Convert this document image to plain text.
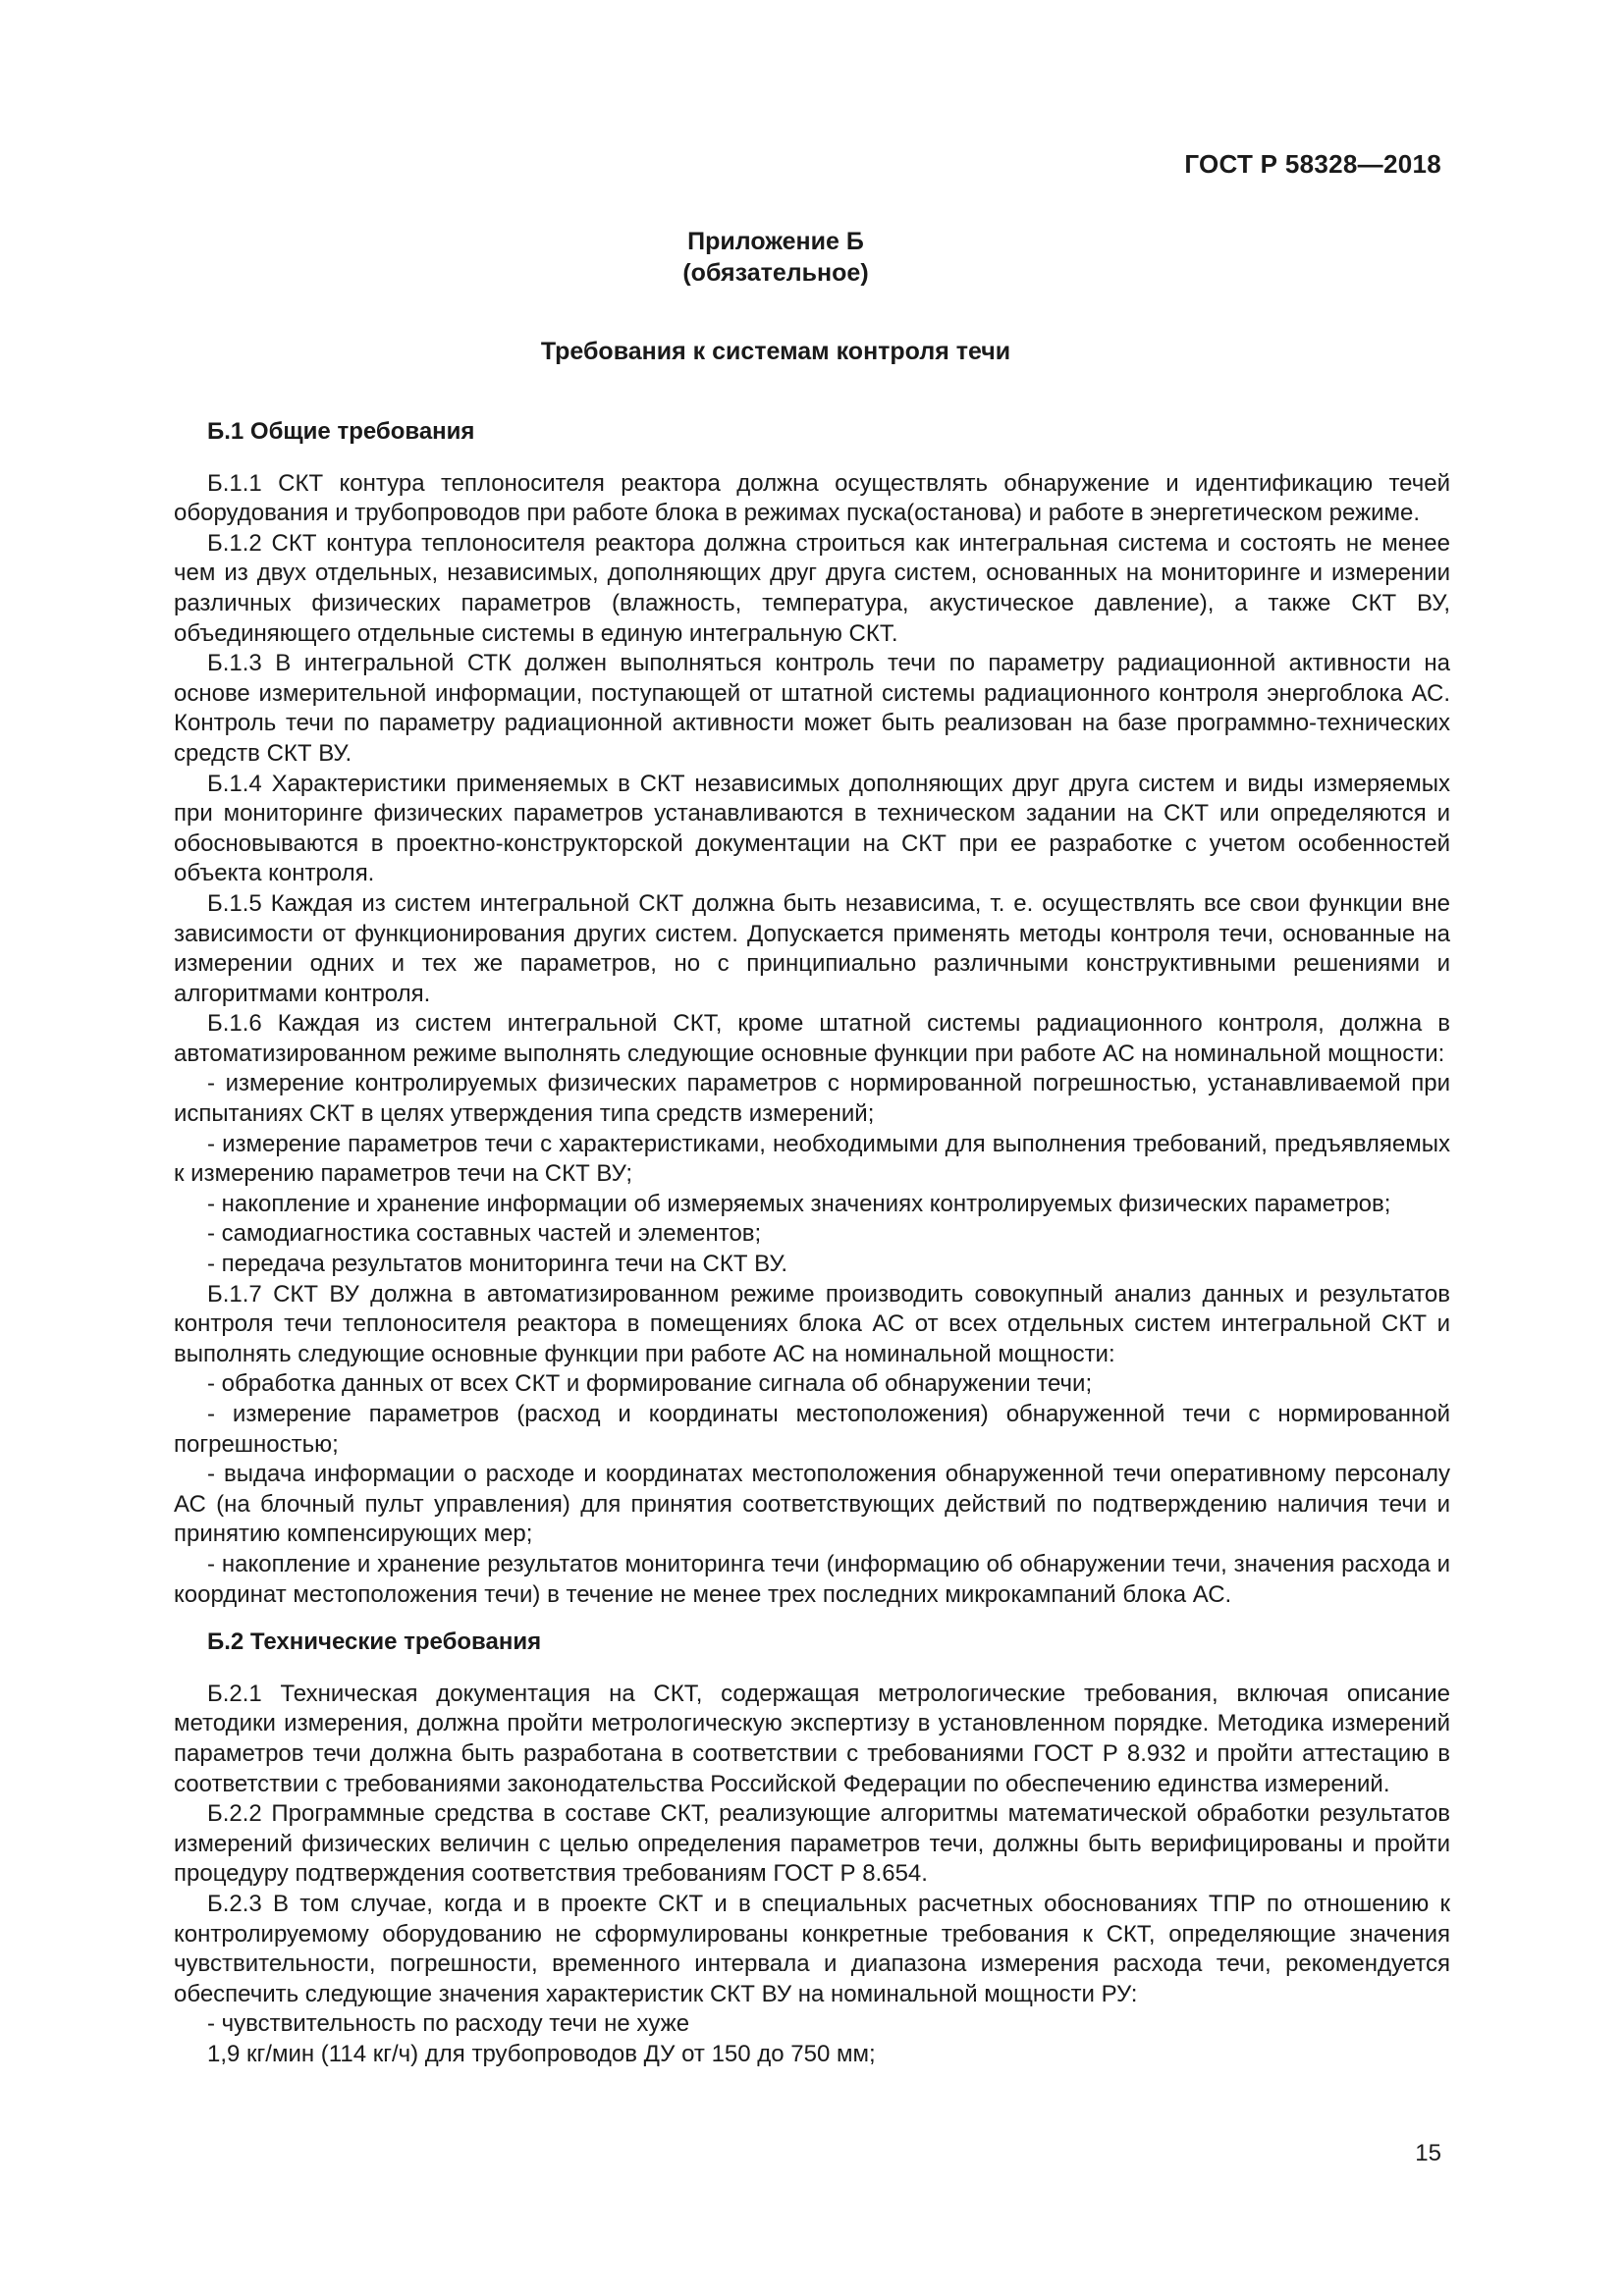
ГОСТ Р 58328—2018
Приложение Б
(обязательное)
Требования к системам контроля течи
Б.1 Общие требования

Б.1.1 СКТ контура теплоносителя реактора должна осуществлять обнаружение и идентификацию течей оборудования и трубопроводов при работе блока в режимах пуска(останова) и работе в энергетическом режиме.

Б.1.2 СКТ контура теплоносителя реактора должна строиться как интегральная система и состоять не менее чем из двух отдельных, независимых, дополняющих друг друга систем, основанных на мониторинге и измерении различных физических параметров (влажность, температура, акустическое давление), а также СКТ ВУ, объединяющего отдельные системы в единую интегральную СКТ.

Б.1.3 В интегральной СТК должен выполняться контроль течи по параметру радиационной активности на основе измерительной информации, поступающей от штатной системы радиационного контроля энергоблока АС. Контроль течи по параметру радиационной активности может быть реализован на базе программно-технических средств СКТ ВУ.

Б.1.4 Характеристики применяемых в СКТ независимых дополняющих друг друга систем и виды измеряемых при мониторинге физических параметров устанавливаются в техническом задании на СКТ или определяются и обосновываются в проектно-конструкторской документации на СКТ при ее разработке с учетом особенностей объекта контроля.

Б.1.5 Каждая из систем интегральной СКТ должна быть независима, т. е. осуществлять все свои функции вне зависимости от функционирования других систем. Допускается применять методы контроля течи, основанные на измерении одних и тех же параметров, но с принципиально различными конструктивными решениями и алгоритмами контроля.

Б.1.6 Каждая из систем интегральной СКТ, кроме штатной системы радиационного контроля, должна в автоматизированном режиме выполнять следующие основные функции при работе АС на номинальной мощности:

- измерение контролируемых физических параметров с нормированной погрешностью, устанавливаемой при испытаниях СКТ в целях утверждения типа средств измерений;

- измерение параметров течи с характеристиками, необходимыми для выполнения требований, предъявляемых к измерению параметров течи на СКТ ВУ;

- накопление и хранение информации об измеряемых значениях контролируемых физических параметров;

- самодиагностика составных частей и элементов;

- передача результатов мониторинга течи на СКТ ВУ.

Б.1.7 СКТ ВУ должна в автоматизированном режиме производить совокупный анализ данных и результатов контроля течи теплоносителя реактора в помещениях блока АС от всех отдельных систем интегральной СКТ и выполнять следующие основные функции при работе АС на номинальной мощности:

- обработка данных от всех СКТ и формирование сигнала об обнаружении течи;

- измерение параметров (расход и координаты местоположения) обнаруженной течи с нормированной погрешностью;

- выдача информации о расходе и координатах местоположения обнаруженной течи оперативному персоналу АС (на блочный пульт управления) для принятия соответствующих действий по подтверждению наличия течи и принятию компенсирующих мер;

- накопление и хранение результатов мониторинга течи (информацию об обнаружении течи, значения расхода и координат местоположения течи) в течение не менее трех последних микрокампаний блока АС.

Б.2 Технические требования

Б.2.1 Техническая документация на СКТ, содержащая метрологические требования, включая описание методики измерения, должна пройти метрологическую экспертизу в установленном порядке. Методика измерений параметров течи должна быть разработана в соответствии с требованиями ГОСТ Р 8.932 и пройти аттестацию в соответствии с требованиями законодательства Российской Федерации по обеспечению единства измерений.

Б.2.2 Программные средства в составе СКТ, реализующие алгоритмы математической обработки результатов измерений физических величин с целью определения параметров течи, должны быть верифицированы и пройти процедуру подтверждения соответствия требованиям ГОСТ Р 8.654.

Б.2.3 В том случае, когда и в проекте СКТ и в специальных расчетных обоснованиях ТПР по отношению к контролируемому оборудованию не сформулированы конкретные требования к СКТ, определяющие значения чувствительности, погрешности, временного интервала и диапазона измерения расхода течи, рекомендуется обеспечить следующие значения характеристик СКТ ВУ на номинальной мощности РУ:

- чувствительность по расходу течи не хуже

1,9 кг/мин (114 кг/ч) для трубопроводов ДУ от 150 до 750 мм;

15
